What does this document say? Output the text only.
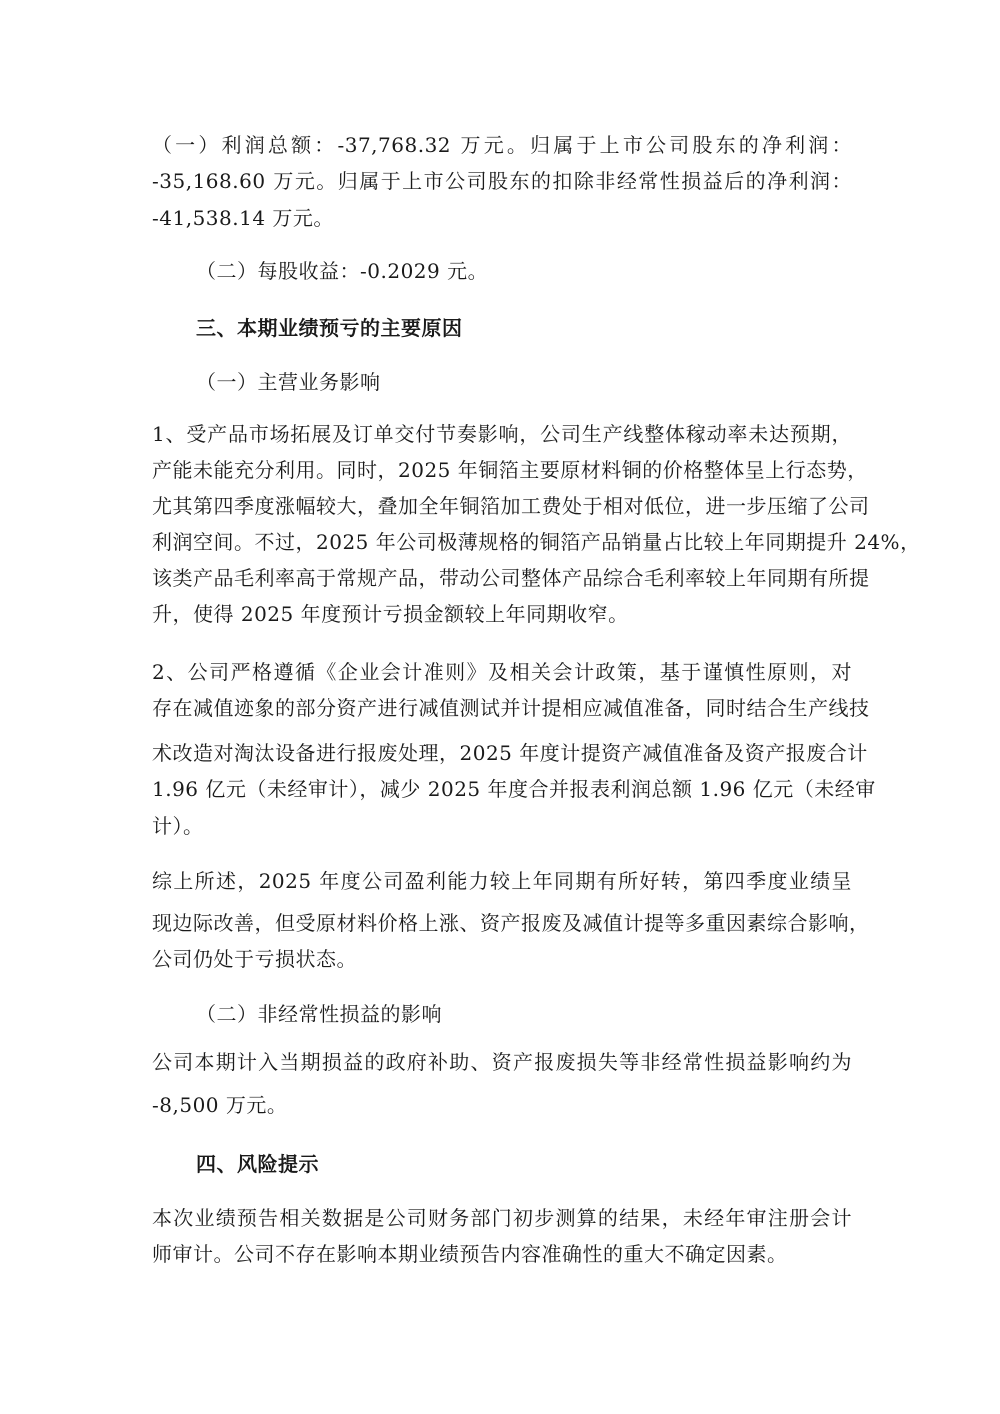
（一）利润总额：-37,768.32 万元。归属于上市公司股东的净利润：
-35,168.60 万元。归属于上市公司股东的扣除非经常性损益后的净利润：
-41,538.14 万元。
（二）每股收益：-0.2029 元。
三、本期业绩预亏的主要原因
（一）主营业务影响
1、受产品市场拓展及订单交付节奏影响，公司生产线整体稼动率未达预期，
产能未能充分利用。同时，2025 年铜箔主要原材料铜的价格整体呈上行态势，
尤其第四季度涨幅较大，叠加全年铜箔加工费处于相对低位，进一步压缩了公司
利润空间。不过，2025 年公司极薄规格的铜箔产品销量占比较上年同期提升 24%，
该类产品毛利率高于常规产品，带动公司整体产品综合毛利率较上年同期有所提
升，使得 2025 年度预计亏损金额较上年同期收窄。
2、公司严格遵循《企业会计准则》及相关会计政策，基于谨慎性原则，对
存在减值迹象的部分资产进行减值测试并计提相应减值准备，同时结合生产线技
术改造对淘汰设备进行报废处理，2025 年度计提资产减值准备及资产报废合计
1.96 亿元（未经审计），减少 2025 年度合并报表利润总额 1.96 亿元（未经审
计）。
综上所述，2025 年度公司盈利能力较上年同期有所好转，第四季度业绩呈
现边际改善，但受原材料价格上涨、资产报废及减值计提等多重因素综合影响，
公司仍处于亏损状态。
（二）非经常性损益的影响
公司本期计入当期损益的政府补助、资产报废损失等非经常性损益影响约为
-8,500 万元。
四、风险提示
本次业绩预告相关数据是公司财务部门初步测算的结果，未经年审注册会计
师审计。公司不存在影响本期业绩预告内容准确性的重大不确定因素。
